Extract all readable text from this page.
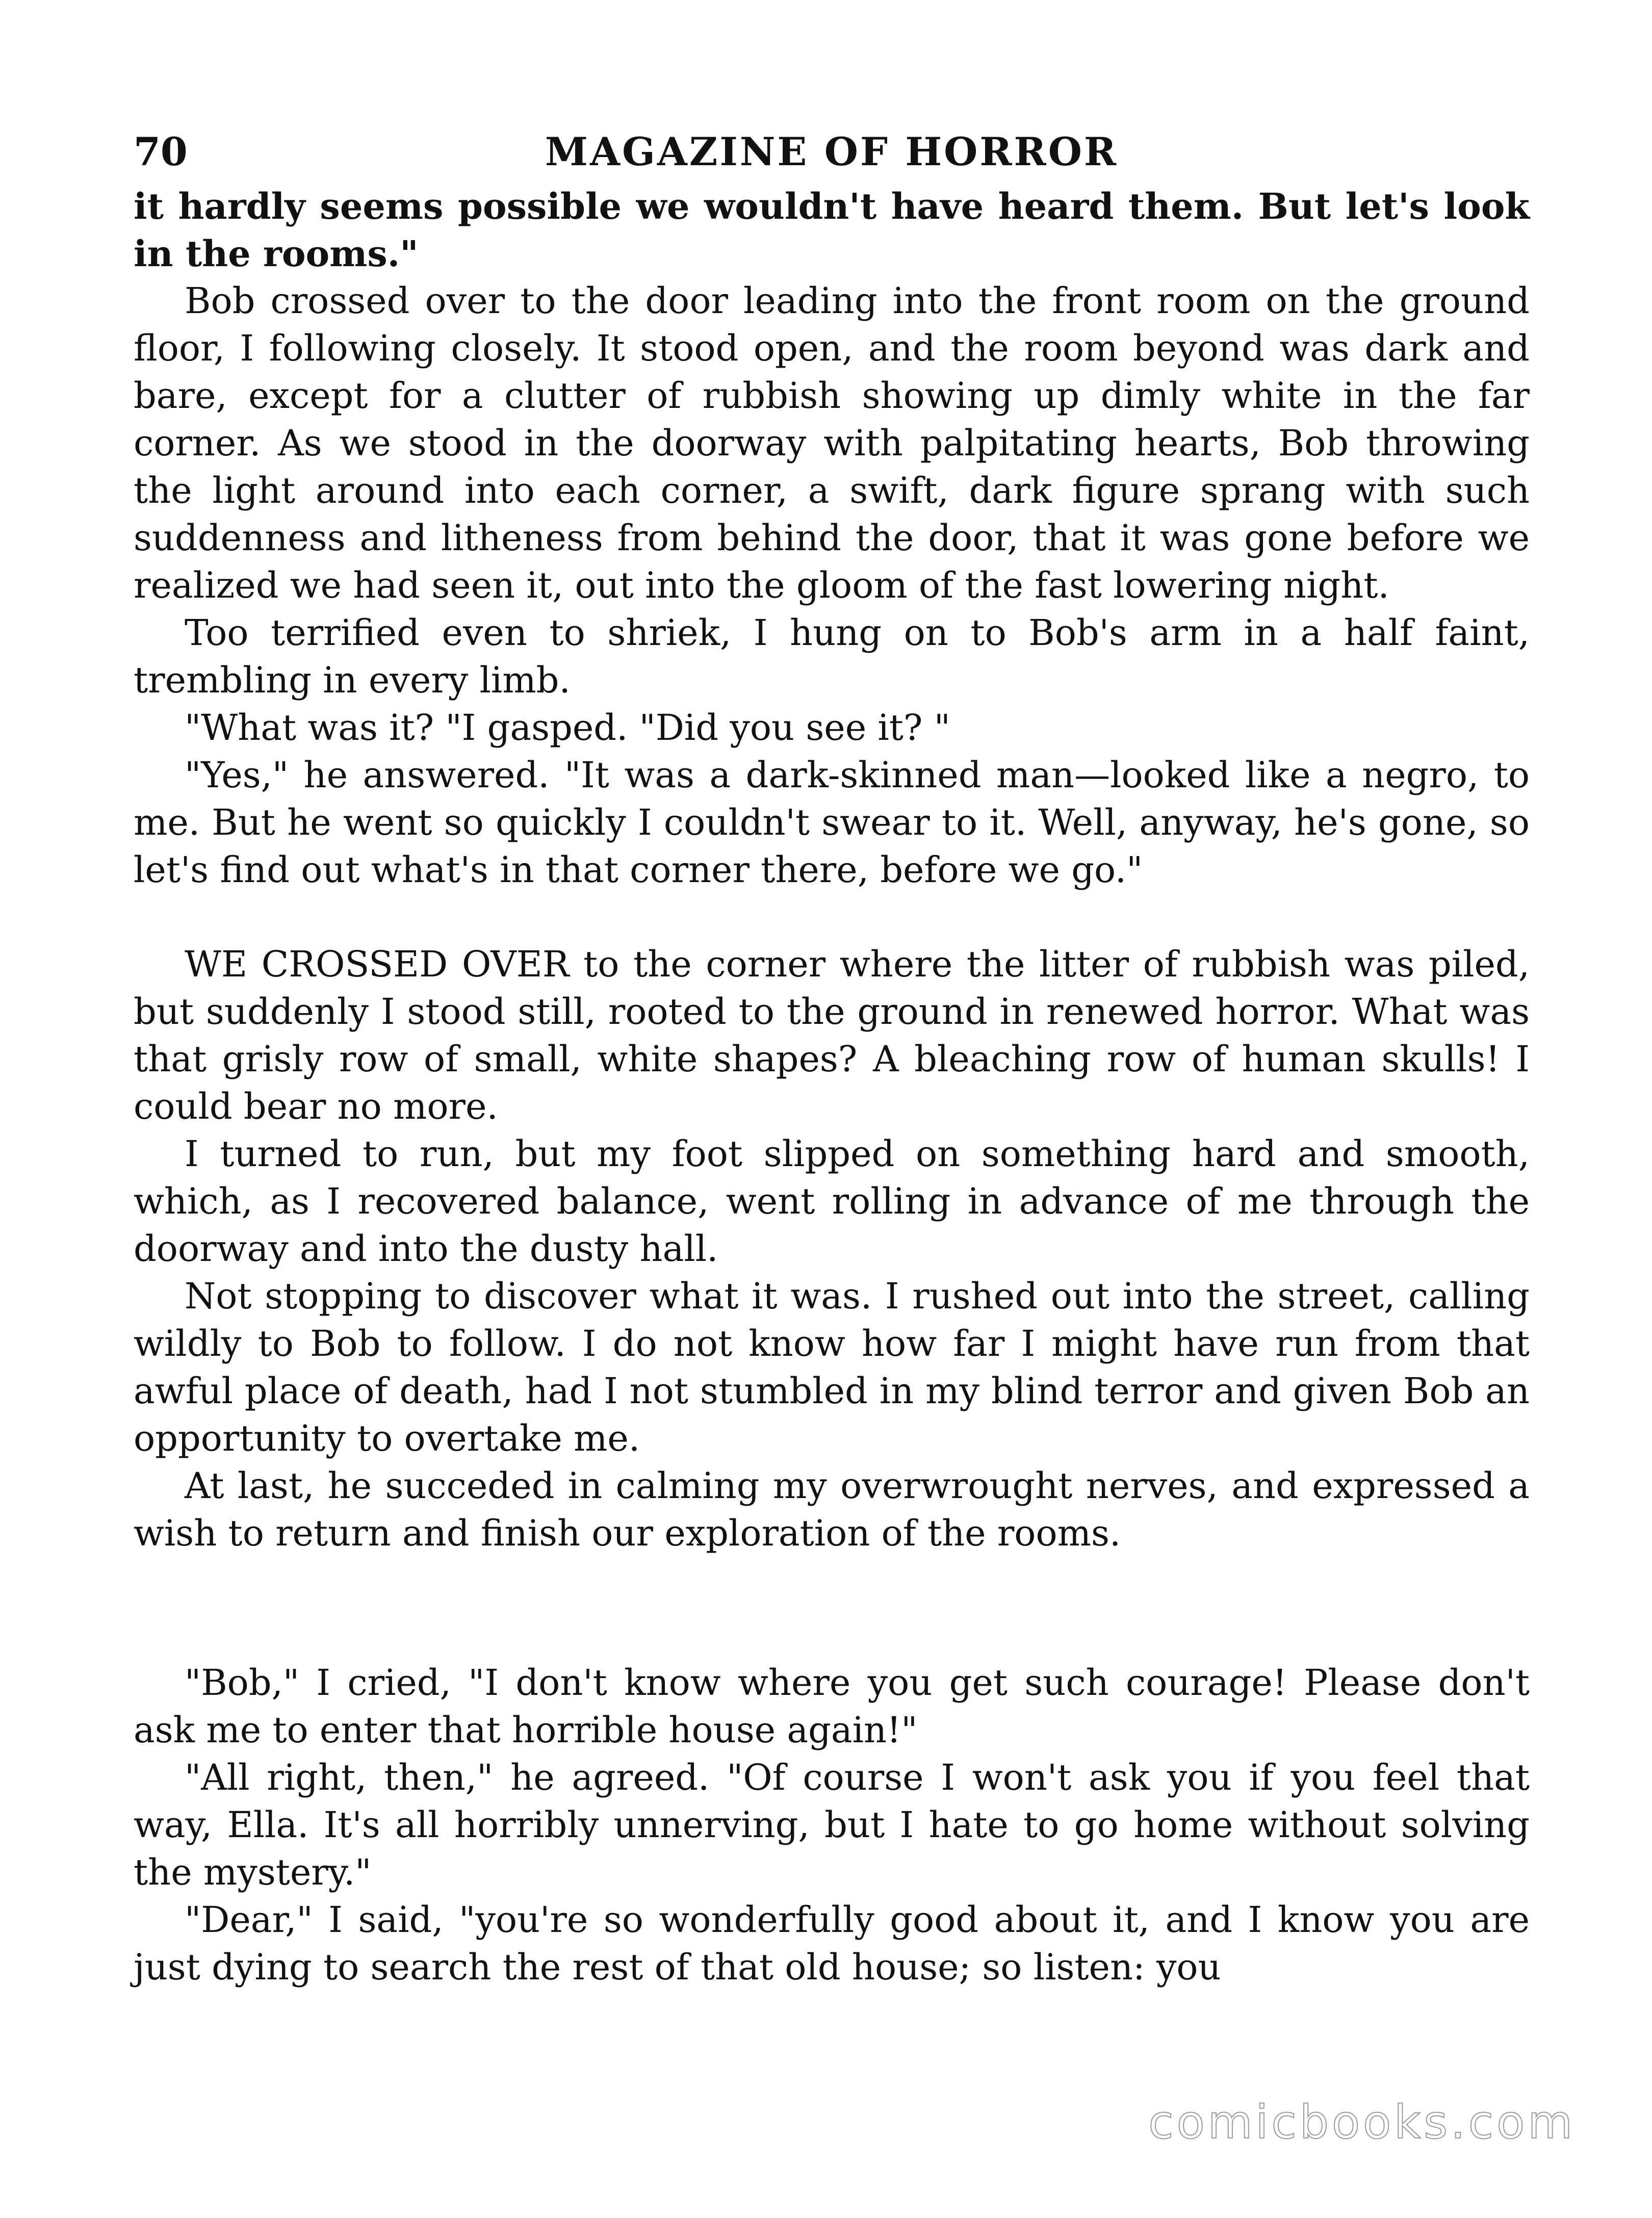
70	MAGAZINE OF HORROR

it hardly seems possible we wouldn't have heard them. But let's look in the rooms."

Bob crossed over to the door leading into the front room on the ground floor, I following closely. It stood open, and the room beyond was dark and bare, except for a clutter of rubbish showing up dimly white in the far corner. As we stood in the doorway with palpitating hearts, Bob throwing the light around into each corner, a swift, dark figure sprang with such suddenness and litheness from behind the door, that it was gone before we realized we had seen it, out into the gloom of the fast lowering night.

Too terrified even to shriek, I hung on to Bob's arm in a half faint, trembling in every limb.

"What was it? "I gasped. "Did you see it? "

"Yes," he answered. "It was a dark-skinned man—looked like a negro, to me. But he went so quickly I couldn't swear to it. Well, anyway, he's gone, so let's find out what's in that corner there, before we go."

WE CROSSED OVER to the corner where the litter of rubbish was piled, but suddenly I stood still, rooted to the ground in renewed horror. What was that grisly row of small, white shapes? A bleaching row of human skulls! I could bear no more.

I turned to run, but my foot slipped on something hard and smooth, which, as I recovered balance, went rolling in advance of me through the doorway and into the dusty hall.

Not stopping to discover what it was. I rushed out into the street, calling wildly to Bob to follow. I do not know how far I might have run from that awful place of death, had I not stumbled in my blind terror and given Bob an opportunity to overtake me.

At last, he succeded in calming my overwrought nerves, and expressed a wish to return and finish our exploration of the rooms.

"Bob," I cried, "I don't know where you get such courage! Please don't ask me to enter that horrible house again!"

"All right, then," he agreed. "Of course I won't ask you if you feel that way, Ella. It's all horribly unnerving, but I hate to go home without solving the mystery."

"Dear," I said, "you're so wonderfully good about it, and I know you are just dying to search the rest of that old house; so listen: you

comicbooks.com
